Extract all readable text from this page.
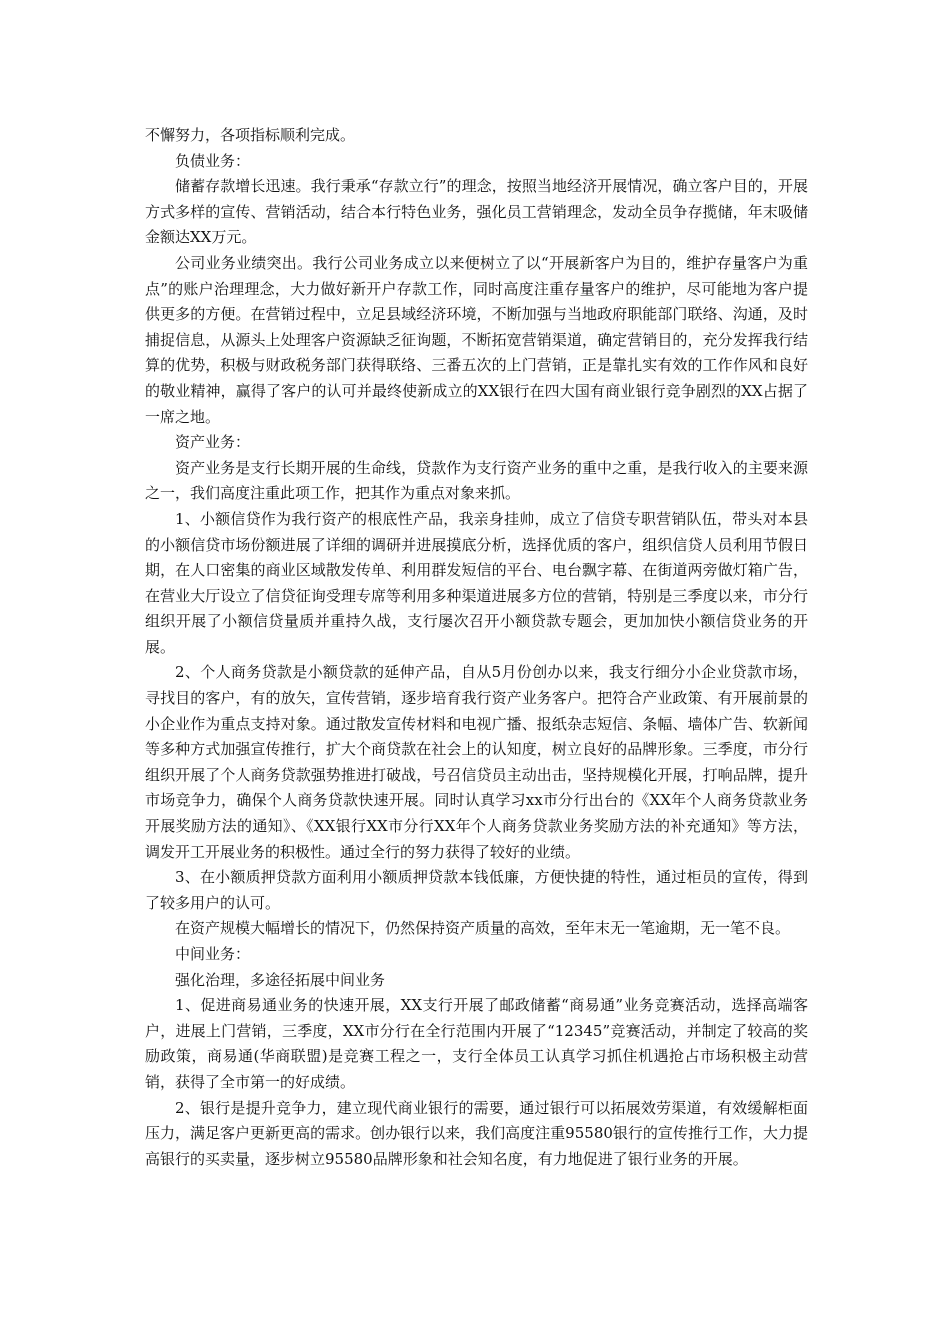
不懈努力，各项指标顺利完成。

负债业务：

储蓄存款增长迅速。我行秉承“存款立行”的理念，按照当地经济开展情况，确立客户目的，开展方式多样的宣传、营销活动，结合本行特色业务，强化员工营销理念，发动全员争存揽储，年末吸储金额达XX万元。

公司业务业绩突出。我行公司业务成立以来便树立了以“开展新客户为目的，维护存量客户为重点”的账户治理理念，大力做好新开户存款工作，同时高度注重存量客户的维护，尽可能地为客户提供更多的方便。在营销过程中，立足县域经济环境，不断加强与当地政府职能部门联络、沟通，及时捕捉信息，从源头上处理客户资源缺乏征询题，不断拓宽营销渠道，确定营销目的，充分发挥我行结算的优势，积极与财政税务部门获得联络、三番五次的上门营销，正是靠扎实有效的工作作风和良好的敬业精神，赢得了客户的认可并最终使新成立的XX银行在四大国有商业银行竞争剧烈的XX占据了一席之地。

资产业务：

资产业务是支行长期开展的生命线，贷款作为支行资产业务的重中之重，是我行收入的主要来源之一，我们高度注重此项工作，把其作为重点对象来抓。

1、小额信贷作为我行资产的根底性产品，我亲身挂帅，成立了信贷专职营销队伍，带头对本县的小额信贷市场份额进展了详细的调研并进展摸底分析，选择优质的客户，组织信贷人员利用节假日期，在人口密集的商业区域散发传单、利用群发短信的平台、电台飘字幕、在街道两旁做灯箱广告，在营业大厅设立了信贷征询受理专席等利用多种渠道进展多方位的营销，特别是三季度以来，市分行组织开展了小额信贷量质并重持久战，支行屡次召开小额贷款专题会，更加加快小额信贷业务的开展。

2、个人商务贷款是小额贷款的延伸产品，自从5月份创办以来，我支行细分小企业贷款市场，寻找目的客户，有的放矢，宣传营销，逐步培育我行资产业务客户。把符合产业政策、有开展前景的小企业作为重点支持对象。通过散发宣传材料和电视广播、报纸杂志短信、条幅、墙体广告、软新闻等多种方式加强宣传推行，扩大个商贷款在社会上的认知度，树立良好的品牌形象。三季度，市分行组织开展了个人商务贷款强势推进打破战，号召信贷员主动出击，坚持规模化开展，打响品牌，提升市场竞争力，确保个人商务贷款快速开展。同时认真学习xx市分行出台的《XX年个人商务贷款业务开展奖励方法的通知》、《XX银行XX市分行XX年个人商务贷款业务奖励方法的补充通知》等方法，调发开工开展业务的积极性。通过全行的努力获得了较好的业绩。

3、在小额质押贷款方面利用小额质押贷款本钱低廉，方便快捷的特性，通过柜员的宣传，得到了较多用户的认可。

在资产规模大幅增长的情况下，仍然保持资产质量的高效，至年末无一笔逾期，无一笔不良。

中间业务：

强化治理，多途径拓展中间业务

1、促进商易通业务的快速开展，XX支行开展了邮政储蓄“商易通”业务竞赛活动，选择高端客户，进展上门营销，三季度，XX市分行在全行范围内开展了“12345”竞赛活动，并制定了较高的奖励政策，商易通(华商联盟)是竞赛工程之一，支行全体员工认真学习抓住机遇抢占市场积极主动营销，获得了全市第一的好成绩。

2、银行是提升竞争力，建立现代商业银行的需要，通过银行可以拓展效劳渠道，有效缓解柜面压力，满足客户更新更高的需求。创办银行以来，我们高度注重95580银行的宣传推行工作，大力提高银行的买卖量，逐步树立95580品牌形象和社会知名度，有力地促进了银行业务的开展。
